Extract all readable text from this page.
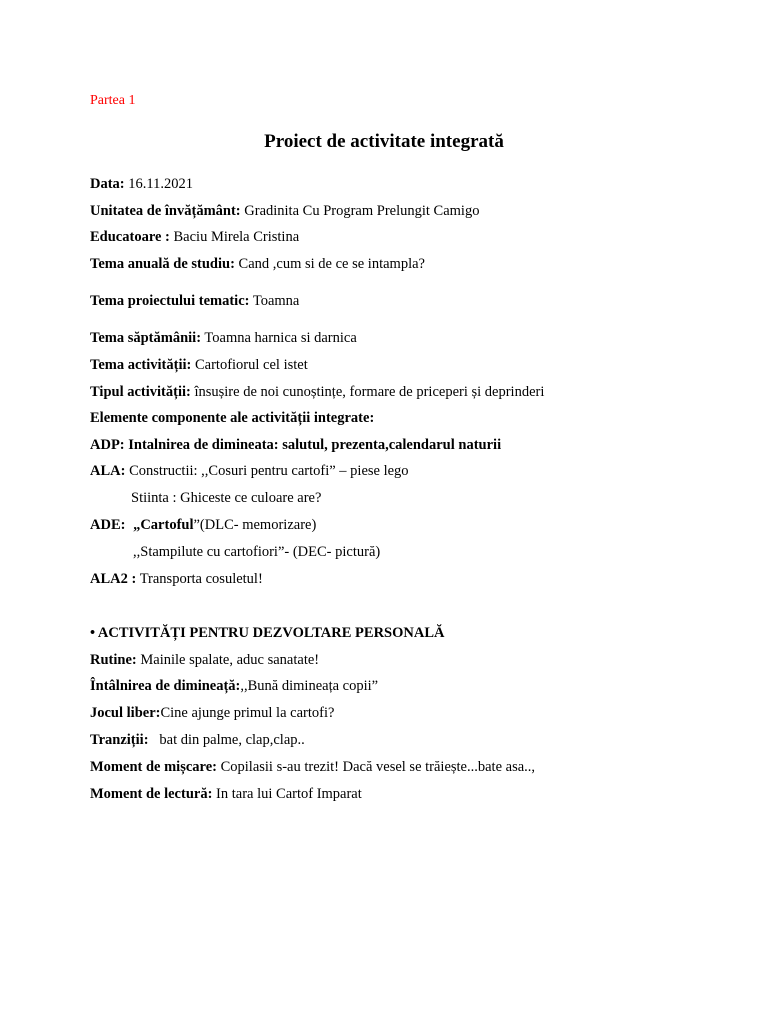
Partea 1
Proiect de activitate integrată
Data: 16.11.2021
Unitatea de învățământ: Gradinita Cu Program Prelungit Camigo
Educatoare : Baciu Mirela Cristina
Tema anuală de studiu: Cand ,cum si de ce se intampla?
Tema proiectului tematic: Toamna
Tema săptămânii: Toamna harnica si darnica
Tema activității: Cartofiorul cel istet
Tipul activității: însușire de noi cunoștințe, formare de priceperi și deprinderi
Elemente componente ale activității integrate:
ADP: Intalnirea de dimineata: salutul, prezenta,calendarul naturii
ALA: Constructii: ,,Cosuri pentru cartofi” – piese lego
Stiinta : Ghiceste ce culoare are?
ADE: „Cartoful”(DLC- memorizare)
,,Stampilute cu cartofiori”- (DEC- pictură)
ALA2 : Transporta cosuletul!
• ACTIVITĂȚI PENTRU DEZVOLTARE PERSONALĂ
Rutine: Mainile spalate, aduc sanatate!
Întâlnirea de dimineață:,,Bună dimineața copii”
Jocul liber:Cine ajunge primul la cartofi?
Tranziții:   bat din palme, clap,clap..
Moment de mișcare: Copilasii s-au trezit! Dacă vesel se trăiește...bate asa..,
Moment de lectură: In tara lui Cartof Imparat
